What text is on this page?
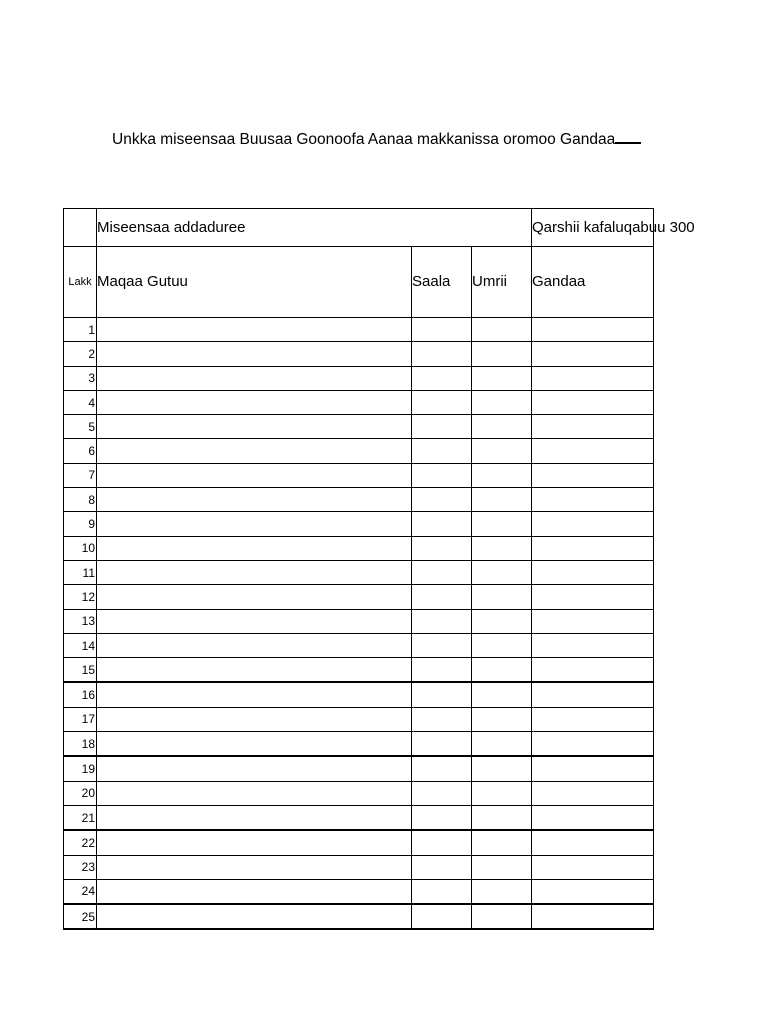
Unkka miseensaa Buusaa Goonoofa Aanaa makkanissa oromoo Gandaa
	Miseensaa addaduree			Qarshii kafaluqabuu 300
Lakk	Maqaa Gutuu	Saala	Umrii	Gandaa
1				
2				
3				
4				
5				
6				
7				
8				
9				
10				
11				
12				
13				
14				
15				
16				
17				
18				
19				
20				
21				
22				
23				
24				
25				
